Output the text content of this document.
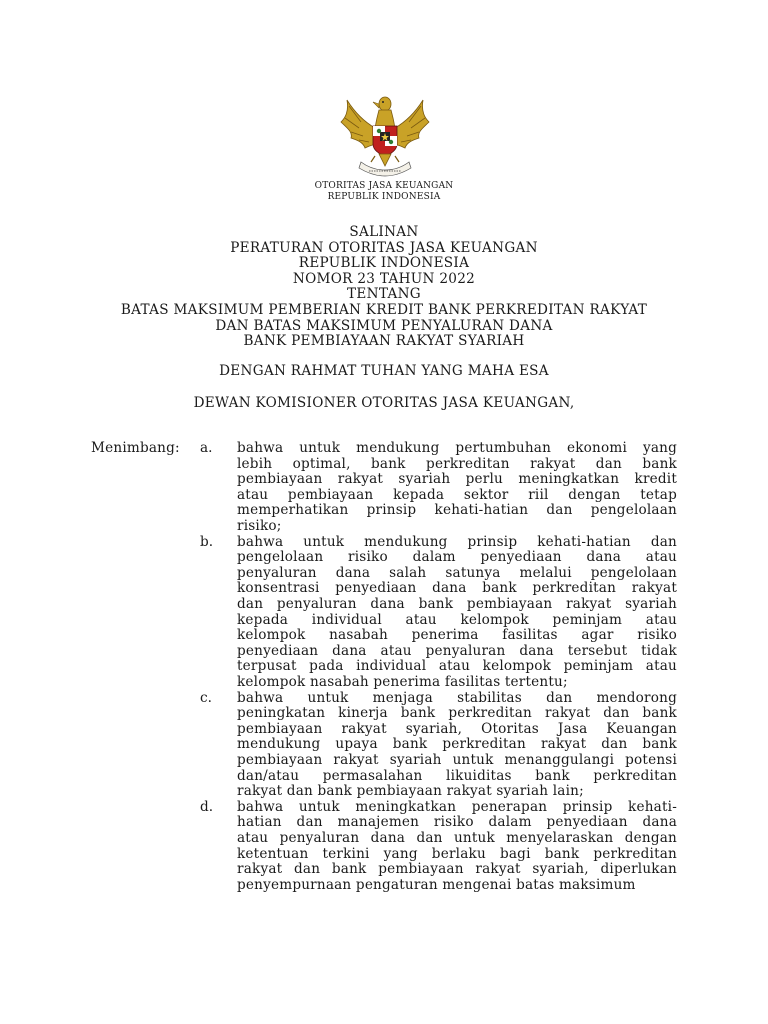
OTORITAS JASA KEUANGAN
REPUBLIK INDONESIA
SALINAN
PERATURAN OTORITAS JASA KEUANGAN
REPUBLIK INDONESIA
NOMOR 23 TAHUN 2022
TENTANG
BATAS MAKSIMUM PEMBERIAN KREDIT BANK PERKREDITAN RAKYAT
DAN BATAS MAKSIMUM PENYALURAN DANA
BANK PEMBIAYAAN RAKYAT SYARIAH
DENGAN RAHMAT TUHAN YANG MAHA ESA
DEWAN KOMISIONER OTORITAS JASA KEUANGAN,
Menimbang: a. bahwa untuk mendukung pertumbuhan ekonomi yang
lebih optimal, bank perkreditan rakyat dan bank
pembiayaan rakyat syariah perlu meningkatkan kredit
atau pembiayaan kepada sektor riil dengan tetap
memperhatikan prinsip kehati-hatian dan pengelolaan
risiko;
b. bahwa untuk mendukung prinsip kehati-hatian dan
pengelolaan risiko dalam penyediaan dana atau
penyaluran dana salah satunya melalui pengelolaan
konsentrasi penyediaan dana bank perkreditan rakyat
dan penyaluran dana bank pembiayaan rakyat syariah
kepada individual atau kelompok peminjam atau
kelompok nasabah penerima fasilitas agar risiko
penyediaan dana atau penyaluran dana tersebut tidak
terpusat pada individual atau kelompok peminjam atau
kelompok nasabah penerima fasilitas tertentu;
c. bahwa untuk menjaga stabilitas dan mendorong
peningkatan kinerja bank perkreditan rakyat dan bank
pembiayaan rakyat syariah, Otoritas Jasa Keuangan
mendukung upaya bank perkreditan rakyat dan bank
pembiayaan rakyat syariah untuk menanggulangi potensi
dan/atau permasalahan likuiditas bank perkreditan
rakyat dan bank pembiayaan rakyat syariah lain;
d. bahwa untuk meningkatkan penerapan prinsip kehati-
hatian dan manajemen risiko dalam penyediaan dana
atau penyaluran dana dan untuk menyelaraskan dengan
ketentuan terkini yang berlaku bagi bank perkreditan
rakyat dan bank pembiayaan rakyat syariah, diperlukan
penyempurnaan pengaturan mengenai batas maksimum
